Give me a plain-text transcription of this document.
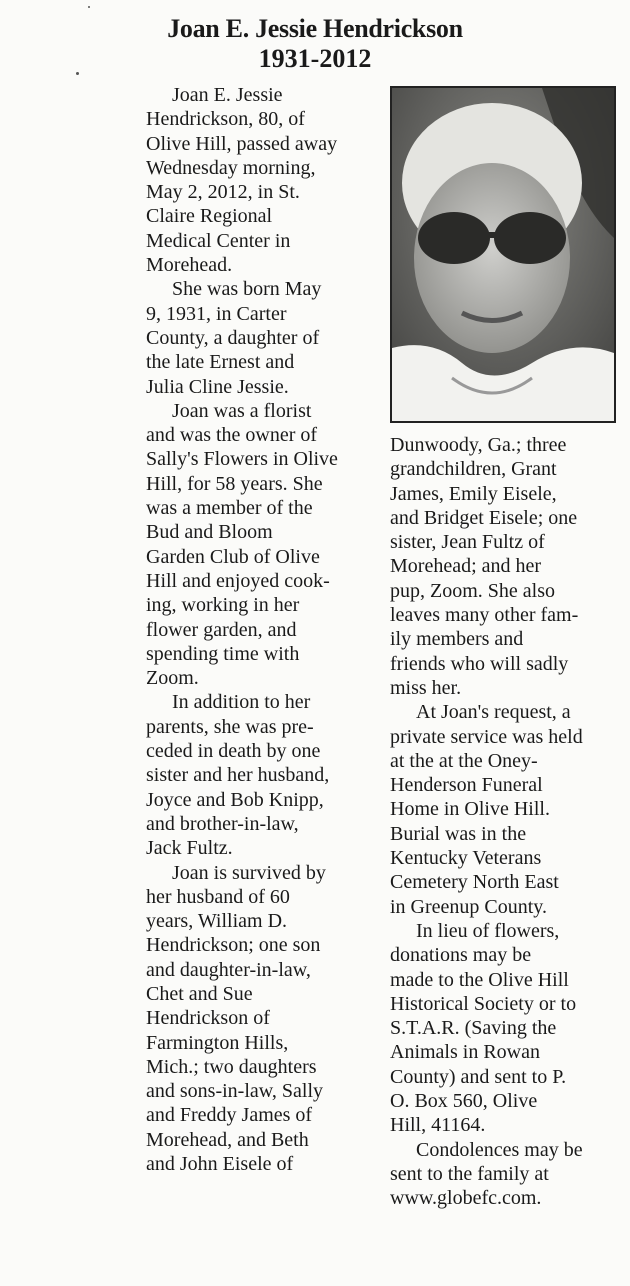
Joan E. Jessie Hendrickson
1931-2012
Joan E. Jessie
Hendrickson, 80, of
Olive Hill, passed away
Wednesday morning,
May 2, 2012, in St.
Claire Regional
Medical Center in
Morehead.
She was born May
9, 1931, in Carter
County, a daughter of
the late Ernest and
Julia Cline Jessie.
Joan was a florist
and was the owner of
Sally's Flowers in Olive
Hill, for 58 years. She
was a member of the
Bud and Bloom
Garden Club of Olive
Hill and enjoyed cook-
ing, working in her
flower garden, and
spending time with
Zoom.
In addition to her
parents, she was pre-
ceded in death by one
sister and her husband,
Joyce and Bob Knipp,
and brother-in-law,
Jack Fultz.
Joan is survived by
her husband of 60
years, William D.
Hendrickson; one son
and daughter-in-law,
Chet and Sue
Hendrickson of
Farmington Hills,
Mich.; two daughters
and sons-in-law, Sally
and Freddy James of
Morehead, and Beth
and John Eisele of
Dunwoody, Ga.; three
grandchildren, Grant
James, Emily Eisele,
and Bridget Eisele; one
sister, Jean Fultz of
Morehead; and her
pup, Zoom. She also
leaves many other fam-
ily members and
friends who will sadly
miss her.
At Joan's request, a
private service was held
at the at the Oney-
Henderson Funeral
Home in Olive Hill.
Burial was in the
Kentucky Veterans
Cemetery North East
in Greenup County.
In lieu of flowers,
donations may be
made to the Olive Hill
Historical Society or to
S.T.A.R. (Saving the
Animals in Rowan
County) and sent to P.
O. Box 560, Olive
Hill, 41164.
Condolences may be
sent to the family at
www.globefc.com.
